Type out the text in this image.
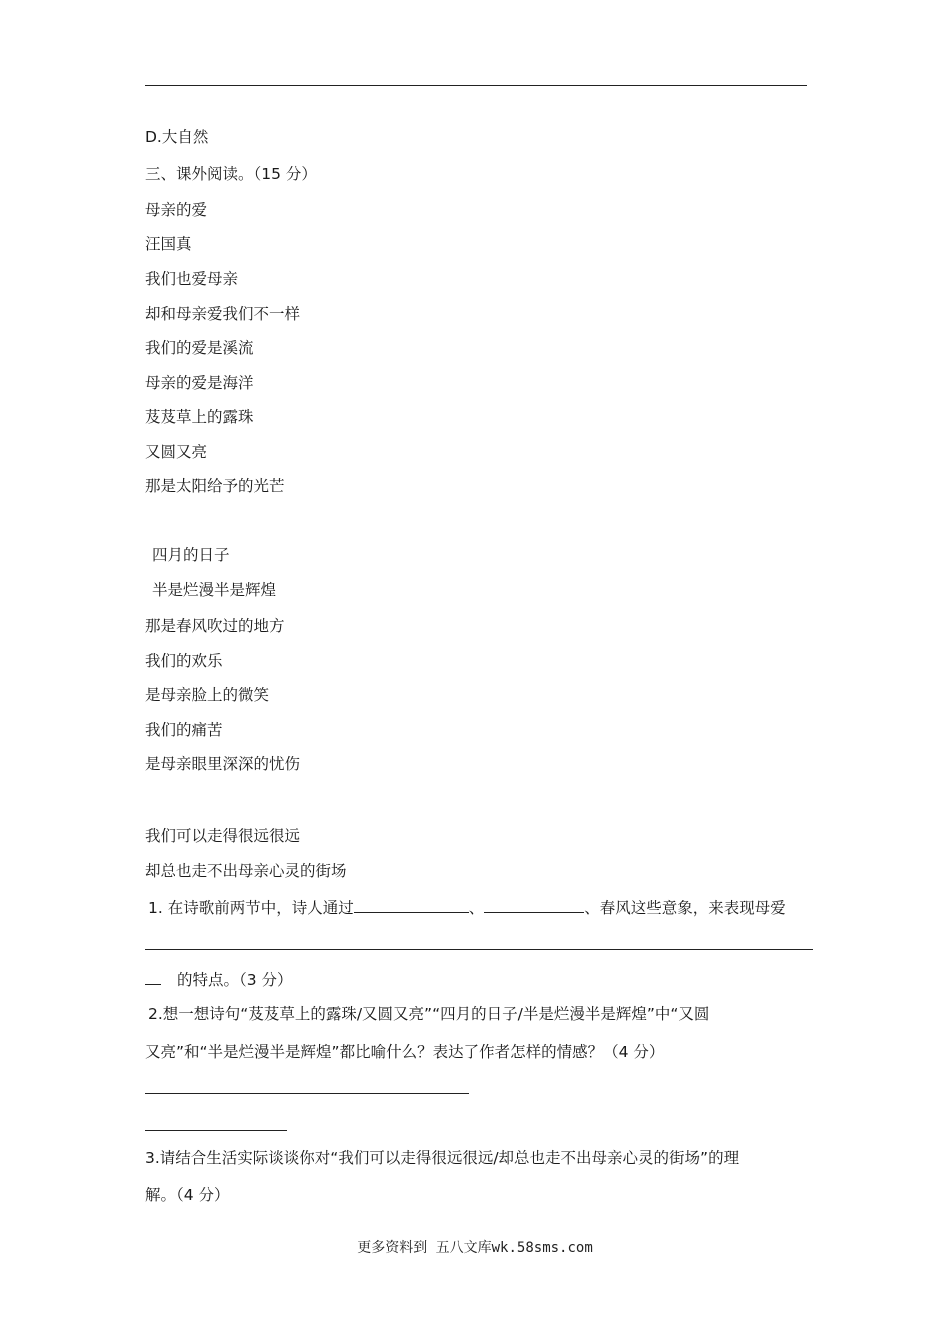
D.大自然
三、课外阅读。（15 分）
母亲的爱
汪国真
我们也爱母亲
却和母亲爱我们不一样
我们的爱是溪流
母亲的爱是海洋
芨芨草上的露珠
又圆又亮
那是太阳给予的光芒
四月的日子
半是烂漫半是辉煌
那是春风吹过的地方
我们的欢乐
是母亲脸上的微笑
我们的痛苦
是母亲眼里深深的忧伤
我们可以走得很远很远
却总也走不出母亲心灵的街场
1. 在诗歌前两节中，诗人通过	、	、春风这些意象，来表现母爱
的特点。（3 分）
2.想一想诗句“芨芨草上的露珠/又圆又亮”“四月的日子/半是烂漫半是辉煌”中“又圆
又亮”和“半是烂漫半是辉煌”都比喻什么？表达了作者怎样的情感？（4 分）
3.请结合生活实际谈谈你对“我们可以走得很远很远/却总也走不出母亲心灵的街场”的理
解。（4 分）
更多资料到 五八文库wk.58sms.com
